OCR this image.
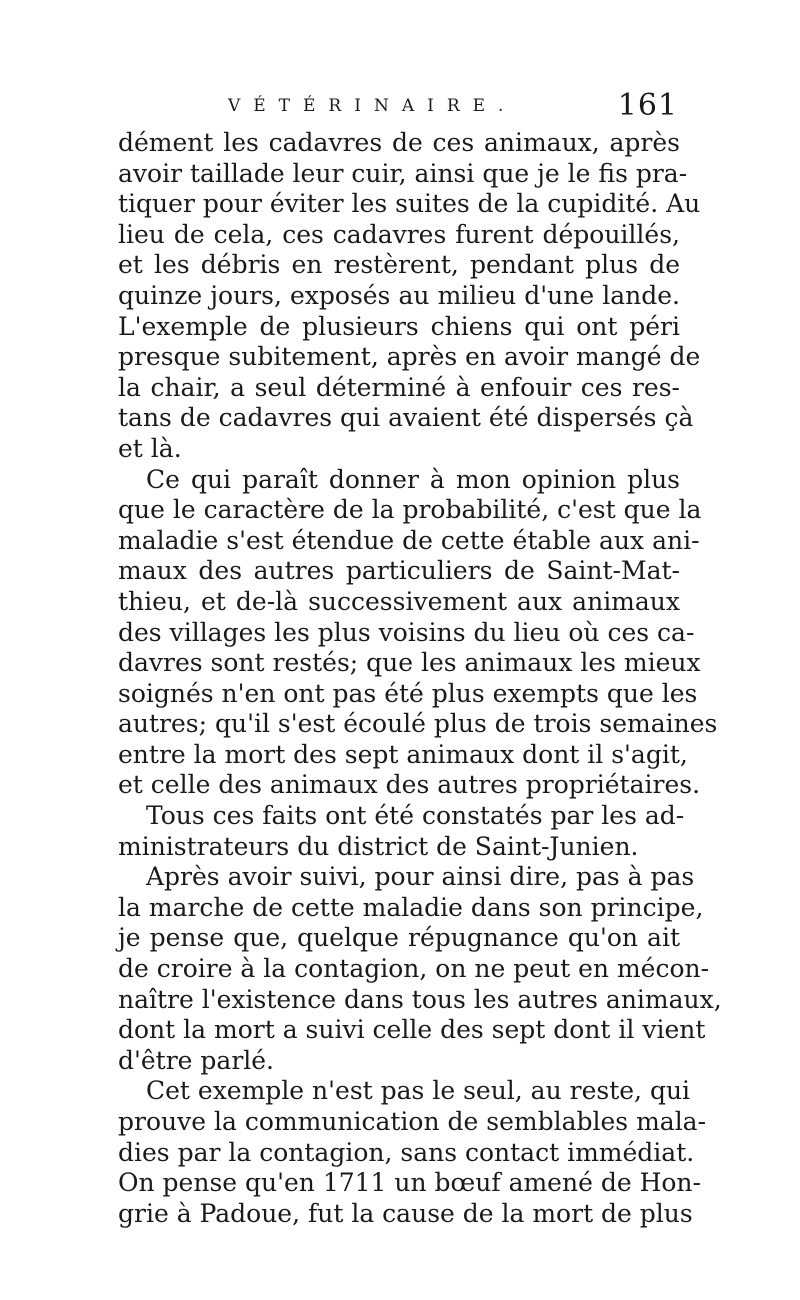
VÉTÉRINAIRE.	161
dément les cadavres de ces animaux, après
avoir taillade leur cuir, ainsi que je le fis pra-
tiquer pour éviter les suites de la cupidité. Au
lieu de cela, ces cadavres furent dépouillés,
et les débris en restèrent, pendant plus de
quinze jours, exposés au milieu d'une lande.
L'exemple de plusieurs chiens qui ont péri
presque subitement, après en avoir mangé de
la chair, a seul déterminé à enfouir ces res-
tans de cadavres qui avaient été dispersés çà
et là.
Ce qui paraît donner à mon opinion plus
que le caractère de la probabilité, c'est que la
maladie s'est étendue de cette étable aux ani-
maux des autres particuliers de Saint-Mat-
thieu, et de-là successivement aux animaux
des villages les plus voisins du lieu où ces ca-
davres sont restés; que les animaux les mieux
soignés n'en ont pas été plus exempts que les
autres; qu'il s'est écoulé plus de trois semaines
entre la mort des sept animaux dont il s'agit,
et celle des animaux des autres propriétaires.
Tous ces faits ont été constatés par les ad-
ministrateurs du district de Saint-Junien.
Après avoir suivi, pour ainsi dire, pas à pas
la marche de cette maladie dans son principe,
je pense que, quelque répugnance qu'on ait
de croire à la contagion, on ne peut en mécon-
naître l'existence dans tous les autres animaux,
dont la mort a suivi celle des sept dont il vient
d'être parlé.
Cet exemple n'est pas le seul, au reste, qui
prouve la communication de semblables mala-
dies par la contagion, sans contact immédiat.
On pense qu'en 1711 un bœuf amené de Hon-
grie à Padoue, fut la cause de la mort de plus
